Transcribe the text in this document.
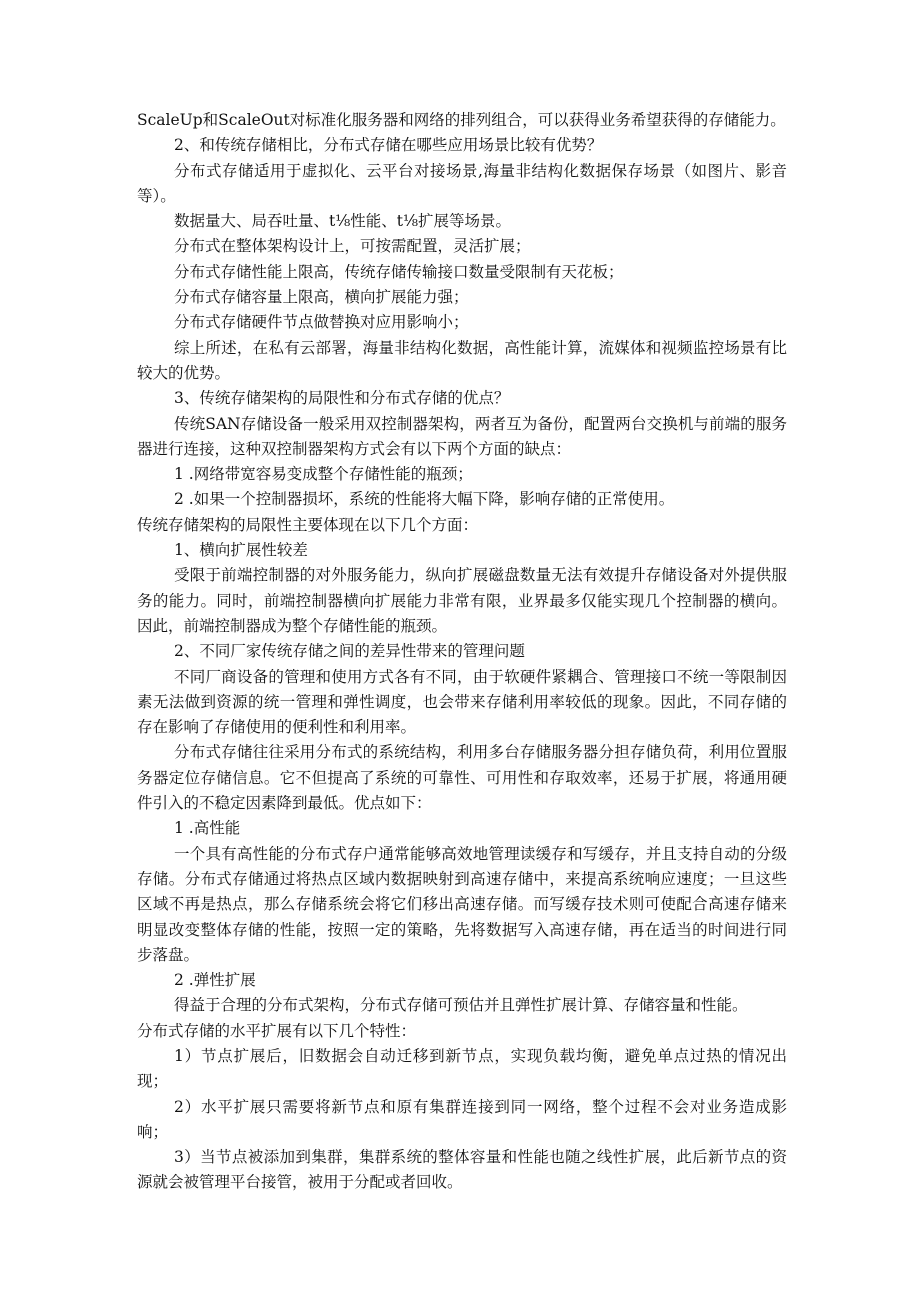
ScaleUp和ScaleOut对标准化服务器和网络的排列组合，可以获得业务希望获得的存储能力。

2、和传统存储相比，分布式存储在哪些应用场景比较有优势？

分布式存储适用于虚拟化、云平台对接场景,海量非结构化数据保存场景（如图片、影音等）。

数据量大、局吞吐量、t⅛性能、t⅛扩展等场景。

分布式在整体架构设计上，可按需配置，灵活扩展；

分布式存储性能上限高，传统存储传输接口数量受限制有天花板；

分布式存储容量上限高，横向扩展能力强；

分布式存储硬件节点做替换对应用影响小；

综上所述，在私有云部署，海量非结构化数据，高性能计算，流媒体和视频监控场景有比较大的优势。

3、传统存储架构的局限性和分布式存储的优点？

传统SAN存储设备一般采用双控制器架构，两者互为备份，配置两台交换机与前端的服务器进行连接，这种双控制器架构方式会有以下两个方面的缺点：

1 .网络带宽容易变成整个存储性能的瓶颈；

2 .如果一个控制器损坏，系统的性能将大幅下降，影响存储的正常使用。

传统存储架构的局限性主要体现在以下几个方面：

1、横向扩展性较差

受限于前端控制器的对外服务能力，纵向扩展磁盘数量无法有效提升存储设备对外提供服务的能力。同时，前端控制器横向扩展能力非常有限，业界最多仅能实现几个控制器的横向。因此，前端控制器成为整个存储性能的瓶颈。

2、不同厂家传统存储之间的差异性带来的管理问题

不同厂商设备的管理和使用方式各有不同，由于软硬件紧耦合、管理接口不统一等限制因素无法做到资源的统一管理和弹性调度，也会带来存储利用率较低的现象。因此，不同存储的存在影响了存储使用的便利性和利用率。

分布式存储往往采用分布式的系统结构，利用多台存储服务器分担存储负荷，利用位置服务器定位存储信息。它不但提高了系统的可靠性、可用性和存取效率，还易于扩展，将通用硬件引入的不稳定因素降到最低。优点如下：

1 .高性能

一个具有高性能的分布式存户通常能够高效地管理读缓存和写缓存，并且支持自动的分级存储。分布式存储通过将热点区域内数据映射到高速存储中，来提高系统响应速度；一旦这些区域不再是热点，那么存储系统会将它们移出高速存储。而写缓存技术则可使配合高速存储来明显改变整体存储的性能，按照一定的策略，先将数据写入高速存储，再在适当的时间进行同步落盘。

2 .弹性扩展

得益于合理的分布式架构，分布式存储可预估并且弹性扩展计算、存储容量和性能。

分布式存储的水平扩展有以下几个特性：

1）节点扩展后，旧数据会自动迁移到新节点，实现负载均衡，避免单点过热的情况出现；

2）水平扩展只需要将新节点和原有集群连接到同一网络，整个过程不会对业务造成影响；

3）当节点被添加到集群，集群系统的整体容量和性能也随之线性扩展，此后新节点的资源就会被管理平台接管，被用于分配或者回收。
